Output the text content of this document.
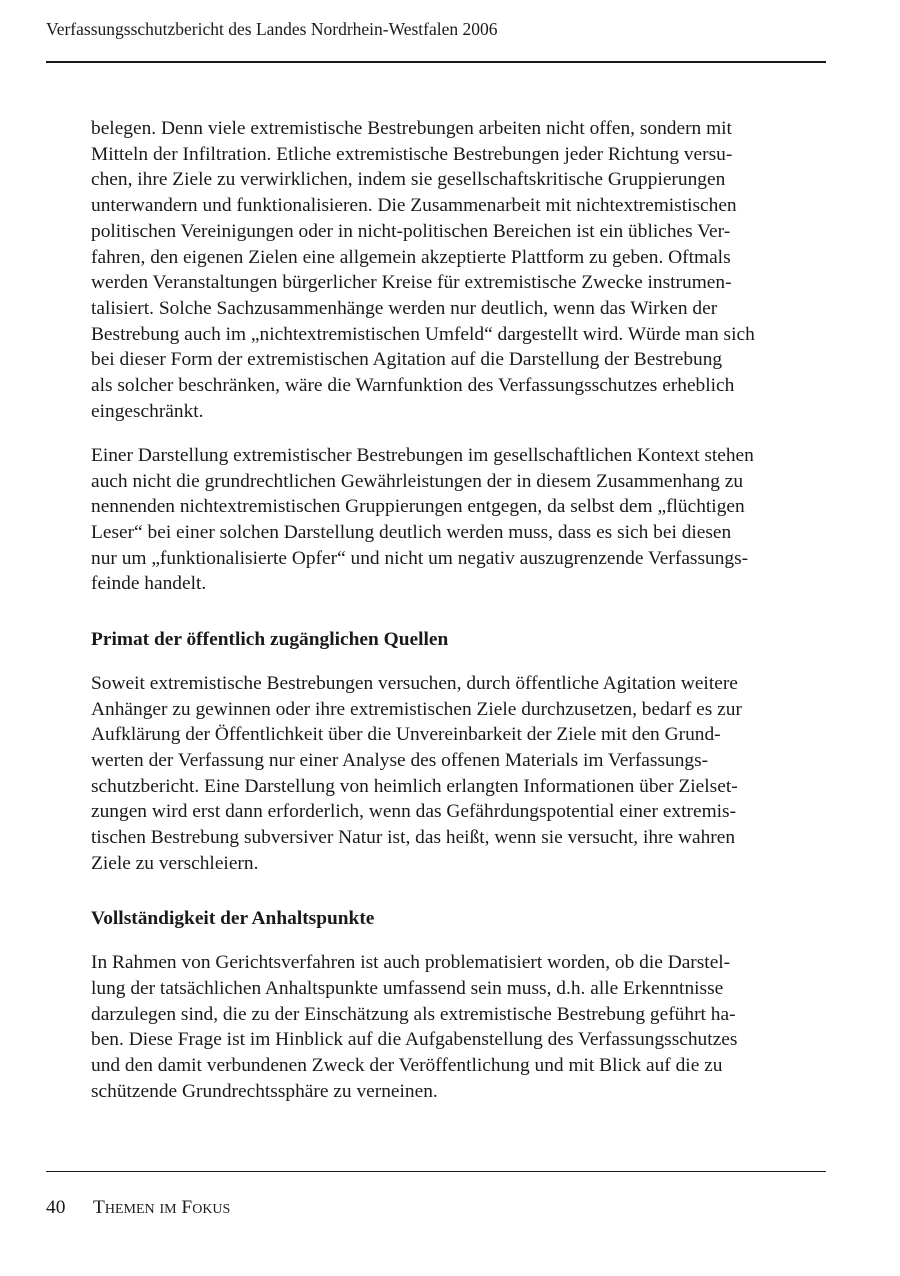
Verfassungsschutzbericht des Landes Nordrhein-Westfalen 2006
belegen. Denn viele extremistische Bestrebungen arbeiten nicht offen, sondern mit
Mitteln der Infiltration. Etliche extremistische Bestrebungen jeder Richtung versu-
chen, ihre Ziele zu verwirklichen, indem sie gesellschaftskritische Gruppierungen
unterwandern und funktionalisieren. Die Zusammenarbeit mit nichtextremistischen
politischen Vereinigungen oder in nicht-politischen Bereichen ist ein übliches Ver-
fahren, den eigenen Zielen eine allgemein akzeptierte Plattform zu geben. Oftmals
werden Veranstaltungen bürgerlicher Kreise für extremistische Zwecke instrumen-
talisiert. Solche Sachzusammenhänge werden nur deutlich, wenn das Wirken der
Bestrebung auch im „nichtextremistischen Umfeld“ dargestellt wird. Würde man sich
bei dieser Form der extremistischen Agitation auf die Darstellung der Bestrebung
als solcher beschränken, wäre die Warnfunktion des Verfassungsschutzes erheblich
eingeschränkt.
Einer Darstellung extremistischer Bestrebungen im gesellschaftlichen Kontext stehen
auch nicht die grundrechtlichen Gewährleistungen der in diesem Zusammenhang zu
nennenden nichtextremistischen Gruppierungen entgegen, da selbst dem „flüchtigen
Leser“ bei einer solchen Darstellung deutlich werden muss, dass es sich bei diesen
nur um „funktionalisierte Opfer“ und nicht um negativ auszugrenzende Verfassungs-
feinde handelt.
Primat der öffentlich zugänglichen Quellen
Soweit extremistische Bestrebungen versuchen, durch öffentliche Agitation weitere
Anhänger zu gewinnen oder ihre extremistischen Ziele durchzusetzen, bedarf es zur
Aufklärung der Öffentlichkeit über die Unvereinbarkeit der Ziele mit den Grund-
werten der Verfassung nur einer Analyse des offenen Materials im Verfassungs-
schutzbericht. Eine Darstellung von heimlich erlangten Informationen über Zielset-
zungen wird erst dann erforderlich, wenn das Gefährdungspotential einer extremis-
tischen Bestrebung subversiver Natur ist, das heißt, wenn sie versucht, ihre wahren
Ziele zu verschleiern.
Vollständigkeit der Anhaltspunkte
In Rahmen von Gerichtsverfahren ist auch problematisiert worden, ob die Darstel-
lung der tatsächlichen Anhaltspunkte umfassend sein muss, d.h. alle Erkenntnisse
darzulegen sind, die zu der Einschätzung als extremistische Bestrebung geführt ha-
ben. Diese Frage ist im Hinblick auf die Aufgabenstellung des Verfassungsschutzes
und den damit verbundenen Zweck der Veröffentlichung und mit Blick auf die zu
schützende Grundrechtssphäre zu verneinen.
40 Themen im Fokus
